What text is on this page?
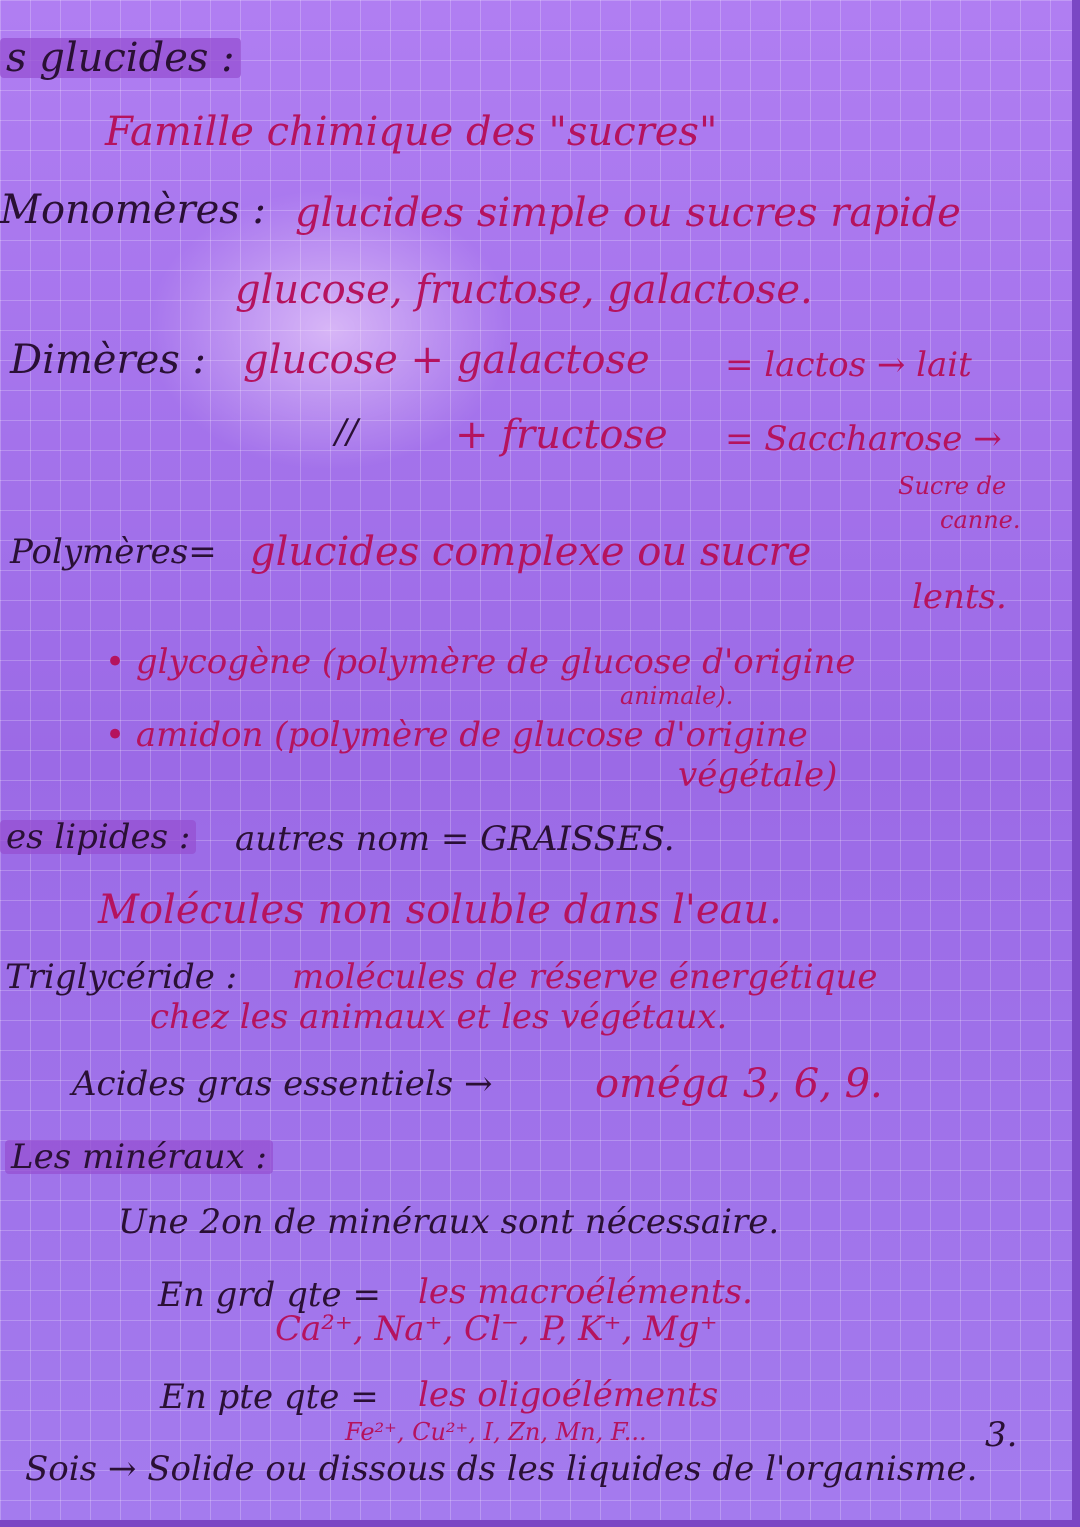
s glucides :
Famille chimique des "sucres"
Monomères : glucides simple ou sucres rapide
glucose, fructose, galactose.
Dimères : glucose + galactose = lactos → lait
// + fructose = Saccharose →
Sucre de
canne.
Polymères= glucides complexe ou sucre
lents.
• glycogène (polymère de glucose d'origine
animale).
• amidon (polymère de glucose d'origine
végétale)
es lipides : autres nom = GRAISSES.
Molécules non soluble dans l'eau.
Triglycéride : molécules de réserve énergétique
chez les animaux et les végétaux.
Acides gras essentiels →	oméga 3, 6, 9.
Les minéraux :
Une 2on de minéraux sont nécessaire.
En grd qte = les macroéléments.
Ca²⁺, Na⁺, Cl⁻, P, K⁺, Mg⁺
En pte qte = les oligoéléments
Fe²⁺, Cu²⁺, I, Zn, Mn, F...	3.
Sois → Solide ou dissous ds les liquides de l'organisme.
